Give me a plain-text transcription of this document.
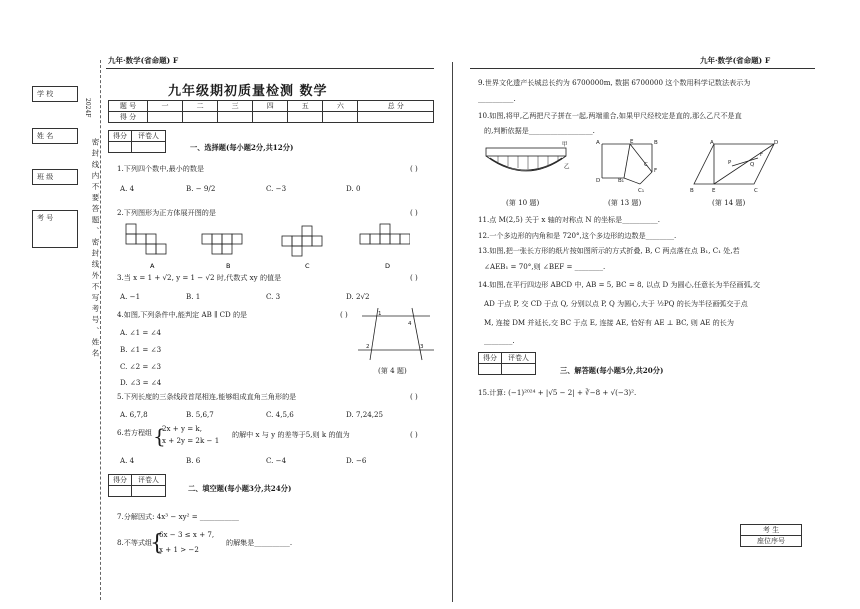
学 校
姓 名
班 级
考 号
2024F
密封线内不要答题、密封线外不写考号、姓名
九年·数学(省命题) F	九年·数学(省命题) F
九年级期初质量检测 数学
题 号	一	二	三	四	五	六	总 分
得 分							
得分	评卷人

一、选择题(每小题2分,共12分)
1.下列四个数中,最小的数是	( )
A. 4	B. − 9/2	C. −3	D. 0
2.下列图形为正方体展开图的是	( )
A	B	C	D
3.当 x = 1 + √2, y = 1 − √2 时,代数式 xy 的值是	( )
A. −1	B. 1	C. 3	D. 2√2
4.如图,下列条件中,能判定 AB ∥ CD 的是	( )
A. ∠1 = ∠4
B. ∠1 = ∠3
C. ∠2 = ∠3
D. ∠3 = ∠4
1
4
2	3
(第 4 题)
5.下列长度的三条线段首尾相连,能够组成直角三角形的是	( )
A. 6,7,8	B. 5,6,7	C. 4,5,6	D. 7,24,25
6.若方程组 {
2x + y = k,
x + 2y = 2k − 1
的解中 x 与 y 的差等于5,则 k 的值为	( )
A. 4	B. 6	C. −4	D. −6
得分	评卷人

二、填空题(每小题3分,共24分)
7.分解因式: 4x³ − xy² = ___________
8.不等式组
{
6x − 3 ≤ x + 7,
x + 1 > −2
的解集是__________.
9.世界文化遗产长城总长约为 6700000m, 数据 6700000 这个数用科学记数法表示为
__________.
10.如图,将甲,乙两把尺子拼在一起,两端重合,如果甲尺经校定是直的,那么乙尺不是直
的,判断依据是__________________.
甲
乙
(第 10 题)
A	E	B
D	B₁
F
C₁
C
(第 13 题)
A	D
B	E	C
F
P	Q
(第 14 题)
11.点 M(2,5) 关于 x 轴的对称点 N 的坐标是__________.
12.一个多边形的内角和是 720°,这个多边形的边数是________.
13.如图,把一张长方形的纸片按如图所示的方式折叠, B, C 两点落在点 B₁, C₁ 处,若
∠AEB₁ = 70°,则 ∠BEF = ________.
14.如图,在平行四边形 ABCD 中, AB = 5, BC = 8, 以点 D 为圆心,任意长为半径画弧,交
AD 于点 P, 交 CD 于点 Q, 分别以点 P, Q 为圆心,大于 ½PQ 的长为半径画弧交于点
M, 连接 DM 并延长,交 BC 于点 E, 连接 AE, 恰好有 AE ⊥ BC, 则 AE 的长为
________.
得分	评卷人

三、解答题(每小题5分,共20分)
15.计算: (−1)²⁰²⁴ + |√5 − 2| + ∛−8 + √(−3)².
考 生
座位序号
